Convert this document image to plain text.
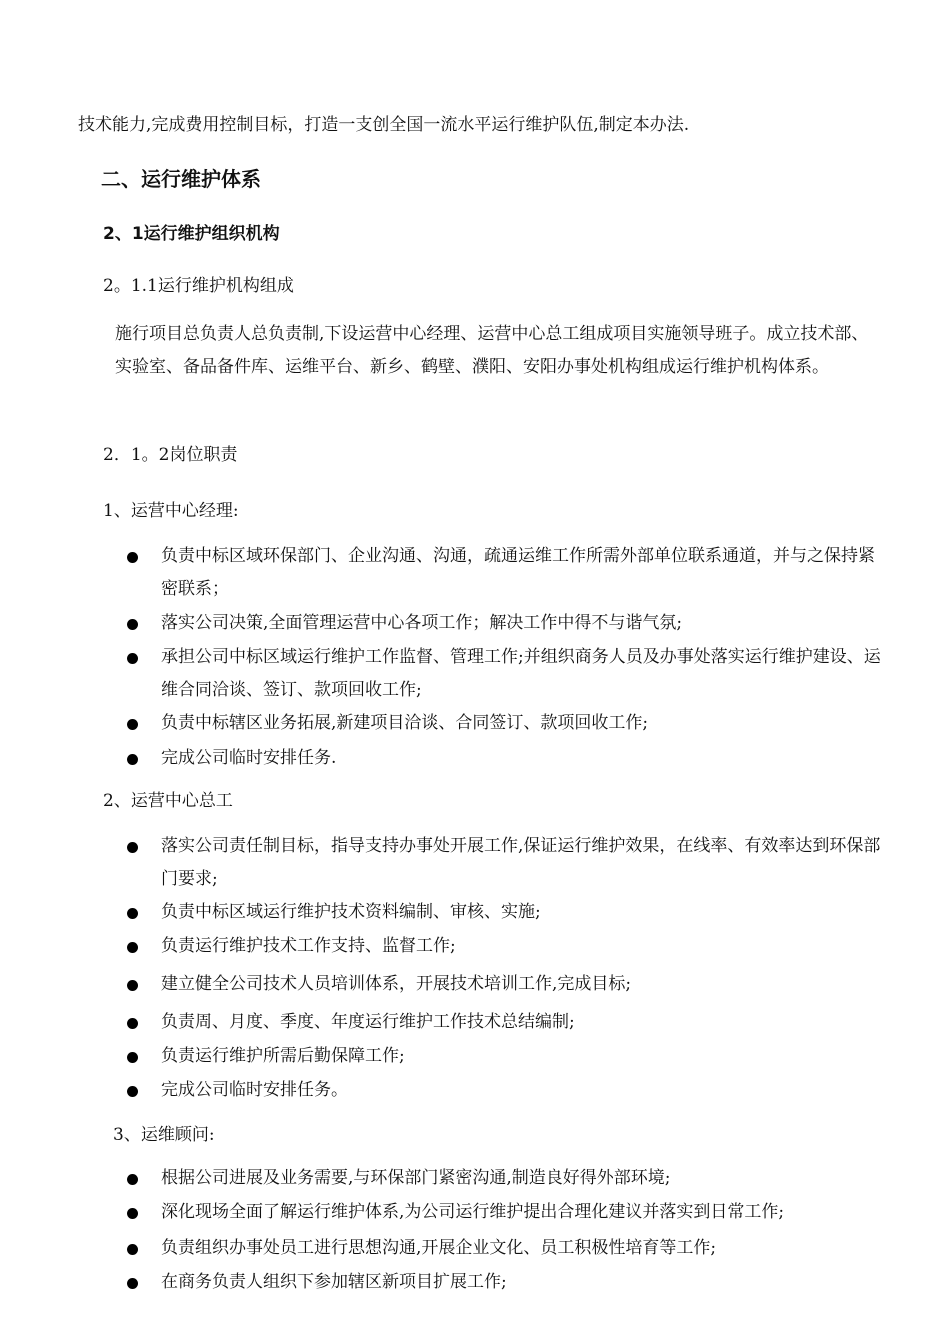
技术能力,完成费用控制目标，打造一支创全国一流水平运行维护队伍,制定本办法.
二、运行维护体系
2、1运行维护组织机构
2。1.1运行维护机构组成
施行项目总负责人总负责制,下设运营中心经理、运营中心总工组成项目实施领导班子。成立技术部、实验室、备品备件库、运维平台、新乡、鹤壁、濮阳、安阳办事处机构组成运行维护机构体系。
2．1。2岗位职责
1、运营中心经理:
负责中标区域环保部门、企业沟通、沟通，疏通运维工作所需外部单位联系通道，并与之保持紧密联系；
落实公司决策,全面管理运营中心各项工作；解决工作中得不与谐气氛;
承担公司中标区域运行维护工作监督、管理工作;并组织商务人员及办事处落实运行维护建设、运维合同洽谈、签订、款项回收工作;
负责中标辖区业务拓展,新建项目洽谈、合同签订、款项回收工作;
完成公司临时安排任务.
2、运营中心总工
落实公司责任制目标，指导支持办事处开展工作,保证运行维护效果，在线率、有效率达到环保部门要求;
负责中标区域运行维护技术资料编制、审核、实施;
负责运行维护技术工作支持、监督工作;
建立健全公司技术人员培训体系，开展技术培训工作,完成目标;
负责周、月度、季度、年度运行维护工作技术总结编制;
负责运行维护所需后勤保障工作;
完成公司临时安排任务。
3、运维顾问:
根据公司进展及业务需要,与环保部门紧密沟通,制造良好得外部环境;
深化现场全面了解运行维护体系,为公司运行维护提出合理化建议并落实到日常工作;
负责组织办事处员工进行思想沟通,开展企业文化、员工积极性培育等工作;
在商务负责人组织下参加辖区新项目扩展工作;
